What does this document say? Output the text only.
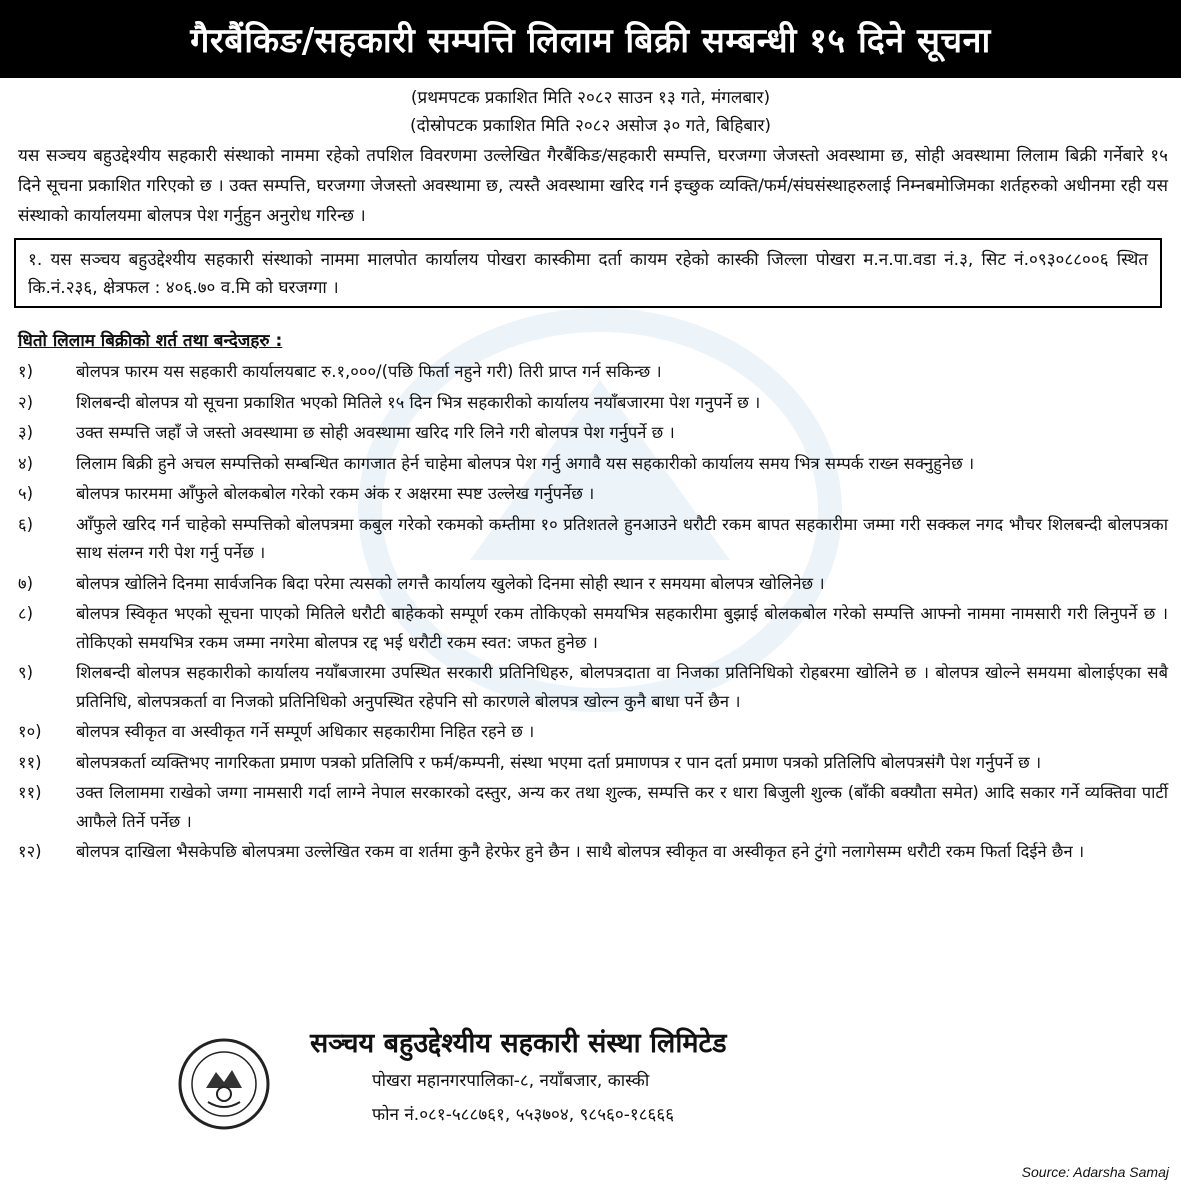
गैरबैंकिङ/सहकारी सम्पत्ति लिलाम बिक्री सम्बन्धी १५ दिने सूचना
(प्रथमपटक प्रकाशित मिति २०८२ साउन १३ गते, मंगलबार)
(दोस्रोपटक प्रकाशित मिति २०८२ असोज ३० गते, बिहिबार)
यस सञ्चय बहुउद्देश्यीय सहकारी संस्थाको नाममा रहेको तपशिल विवरणमा उल्लेखित गैरबैंकिङ/सहकारी सम्पत्ति, घरजग्गा जेजस्तो अवस्थामा छ, सोही अवस्थामा लिलाम बिक्री गर्नेबारे १५ दिने सूचना प्रकाशित गरिएको छ । उक्त सम्पत्ति, घरजग्गा जेजस्तो अवस्थामा छ, त्यस्तै अवस्थामा खरिद गर्न इच्छुक व्यक्ति/फर्म/संघसंस्थाहरुलाई निम्नबमोजिमका शर्तहरुको अधीनमा रही यस संस्थाको कार्यालयमा बोलपत्र पेश गर्नुहुन अनुरोध गरिन्छ ।
१. यस सञ्चय बहुउद्देश्यीय सहकारी संस्थाको नाममा मालपोत कार्यालय पोखरा कास्कीमा दर्ता कायम रहेको कास्की जिल्ला पोखरा म.न.पा.वडा नं.३, सिट नं.०९३०८८००६ स्थित कि.नं.२३६, क्षेत्रफल : ४०६.७० व.मि को घरजग्गा ।
धितो लिलाम बिक्रीको शर्त तथा बन्देजहरु :
१)	बोलपत्र फारम यस सहकारी कार्यालयबाट रु.१,०००/(पछि फिर्ता नहुने गरी) तिरी प्राप्त गर्न सकिन्छ ।
२)	शिलबन्दी बोलपत्र यो सूचना प्रकाशित भएको मितिले १५ दिन भित्र सहकारीको कार्यालय नयाँबजारमा पेश गनुपर्ने छ ।
३)	उक्त सम्पत्ति जहाँ जे जस्तो अवस्थामा छ सोही अवस्थामा खरिद गरि लिने गरी बोलपत्र पेश गर्नुपर्ने छ ।
४)	लिलाम बिक्री हुने अचल सम्पत्तिको सम्बन्धित कागजात हेर्न चाहेमा बोलपत्र पेश गर्नु अगावै यस सहकारीको कार्यालय समय भित्र सम्पर्क राख्न सक्नुहुनेछ ।
५)	बोलपत्र फारममा आँफुले बोलकबोल गरेको रकम अंक र अक्षरमा स्पष्ट उल्लेख गर्नुपर्नेछ ।
६)	आँफुले खरिद गर्न चाहेको सम्पत्तिको बोलपत्रमा कबुल गरेको रकमको कम्तीमा १० प्रतिशतले हुनआउने धरौटी रकम बापत सहकारीमा जम्मा गरी सक्कल नगद भौचर शिलबन्दी बोलपत्रका साथ संलग्न गरी पेश गर्नु पर्नेछ ।
७)	बोलपत्र खोलिने दिनमा सार्वजनिक बिदा परेमा त्यसको लगत्तै कार्यालय खुलेको दिनमा सोही स्थान र समयमा बोलपत्र खोलिनेछ ।
८)	बोलपत्र स्विकृत भएको सूचना पाएको मितिले धरौटी बाहेकको सम्पूर्ण रकम तोकिएको समयभित्र सहकारीमा बुझाई बोलकबोल गरेको सम्पत्ति आफ्नो नाममा नामसारी गरी लिनुपर्ने छ । तोकिएको समयभित्र रकम जम्मा नगरेमा बोलपत्र रद्द भई धरौटी रकम स्वत: जफत हुनेछ ।
९)	शिलबन्दी बोलपत्र सहकारीको कार्यालय नयाँबजारमा उपस्थित सरकारी प्रतिनिधिहरु, बोलपत्रदाता वा निजका प्रतिनिधिको रोहबरमा खोलिने छ । बोलपत्र खोल्ने समयमा बोलाईएका सबै प्रतिनिधि, बोलपत्रकर्ता वा निजको प्रतिनिधिको अनुपस्थित रहेपनि सो कारणले बोलपत्र खोल्न कुनै बाधा पर्ने छैन ।
१०)	बोलपत्र स्वीकृत वा अस्वीकृत गर्ने सम्पूर्ण अधिकार सहकारीमा निहित रहने छ ।
११)	बोलपत्रकर्ता व्यक्तिभए नागरिकता प्रमाण पत्रको प्रतिलिपि र फर्म/कम्पनी, संस्था भएमा दर्ता प्रमाणपत्र र पान दर्ता प्रमाण पत्रको प्रतिलिपि बोलपत्रसंगै पेश गर्नुपर्ने छ ।
११)	उक्त लिलाममा राखेको जग्गा नामसारी गर्दा लाग्ने नेपाल सरकारको दस्तुर, अन्य कर तथा शुल्क, सम्पत्ति कर र धारा बिजुली शुल्क (बाँकी बक्यौता समेत) आदि सकार गर्ने व्यक्तिवा पार्टी आफैले तिर्ने पर्नेछ ।
१२)	बोलपत्र दाखिला भैसकेपछि बोलपत्रमा उल्लेखित रकम वा शर्तमा कुनै हेरफेर हुने छैन । साथै बोलपत्र स्वीकृत वा अस्वीकृत हने टुंगो नलागेसम्म धरौटी रकम फिर्ता दिईने छैन ।
सञ्चय बहुउद्देश्यीय सहकारी संस्था लिमिटेड
पोखरा महानगरपालिका-८, नयाँबजार, कास्की
फोन नं.०८१-५८८७६१, ५५३७०४, ९८५६०-१८६६६
Source: Adarsha Samaj
